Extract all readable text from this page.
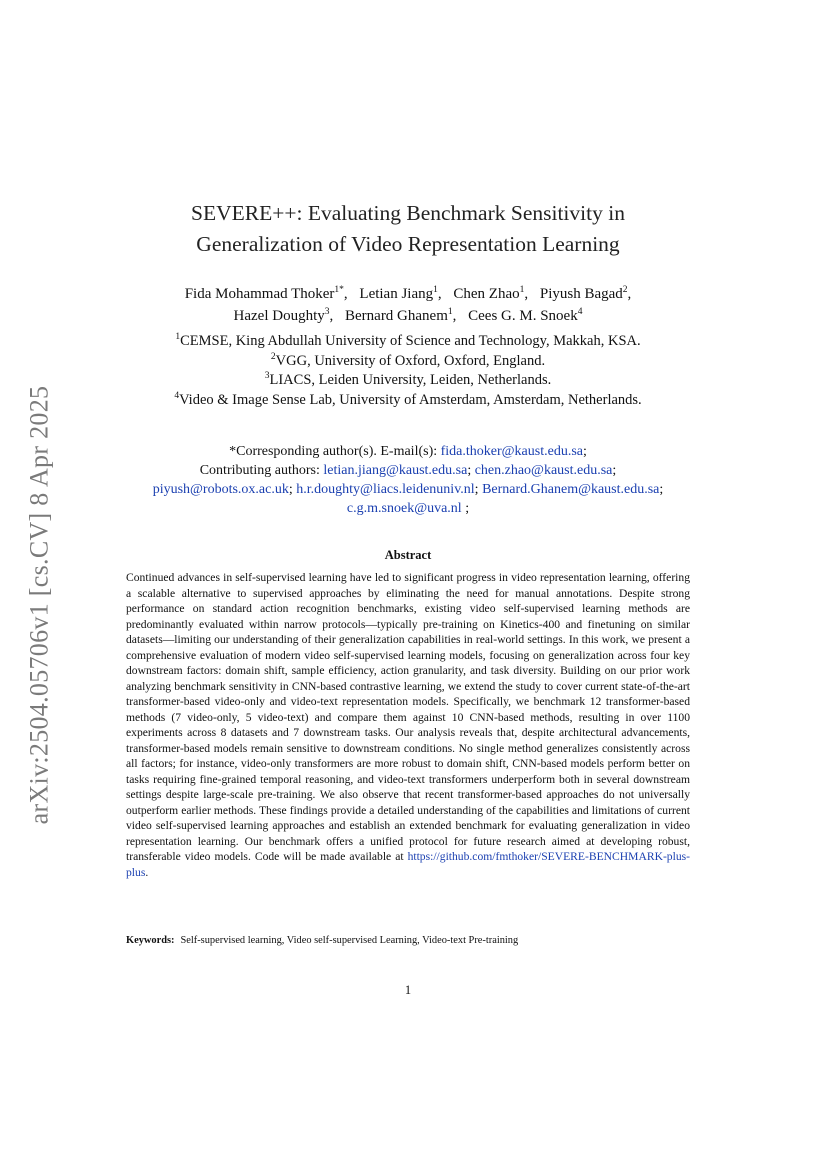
arXiv:2504.05706v1 [cs.CV] 8 Apr 2025
SEVERE++: Evaluating Benchmark Sensitivity in
Generalization of Video Representation Learning
Fida Mohammad Thoker$^{1*}$, Letian Jiang$^1$, Chen Zhao$^1$, Piyush Bagad$^2$,
Hazel Doughty$^3$, Bernard Ghanem$^1$, Cees G. M. Snoek$^4$
$^1$CEMSE, King Abdullah University of Science and Technology, Makkah, KSA.
$^2$VGG, University of Oxford, Oxford, England.
$^3$LIACS, Leiden University, Leiden, Netherlands.
$^4$Video & Image Sense Lab, University of Amsterdam, Amsterdam, Netherlands.
*Corresponding author(s). E-mail(s): fida.thoker@kaust.edu.sa;
Contributing authors: letian.jiang@kaust.edu.sa; chen.zhao@kaust.edu.sa;
piyush@robots.ox.ac.uk; h.r.doughty@liacs.leidenuniv.nl; Bernard.Ghanem@kaust.edu.sa;
c.g.m.snoek@uva.nl ;
Abstract
Continued advances in self-supervised learning have led to significant progress in video representation learning, offering a scalable alternative to supervised approaches by eliminating the need for manual annotations. Despite strong performance on standard action recognition benchmarks, existing video self-supervised learning methods are predominantly evaluated within narrow protocols—typically pre-training on Kinetics-400 and finetuning on similar datasets—limiting our understanding of their generalization capabilities in real-world settings. In this work, we present a comprehensive evaluation of modern video self-supervised learning models, focusing on generalization across four key downstream factors: domain shift, sample efficiency, action granularity, and task diversity. Building on our prior work analyzing benchmark sensitivity in CNN-based contrastive learning, we extend the study to cover current state-of-the-art transformer-based video-only and video-text representation models. Specifically, we benchmark 12 transformer-based methods (7 video-only, 5 video-text) and compare them against 10 CNN-based methods, resulting in over 1100 experiments across 8 datasets and 7 downstream tasks. Our analysis reveals that, despite architectural advancements, transformer-based models remain sensitive to downstream conditions. No single method generalizes consistently across all factors; for instance, video-only transformers are more robust to domain shift, CNN-based models perform better on tasks requiring fine-grained temporal reasoning, and video-text transformers underperform both in several downstream settings despite large-scale pre-training. We also observe that recent transformer-based approaches do not universally outperform earlier methods. These findings provide a detailed understanding of the capabilities and limitations of current video self-supervised learning approaches and establish an extended benchmark for evaluating generalization in video representation learning. Our benchmark offers a unified protocol for future research aimed at developing robust, transferable video models. Code will be made available at https://github.com/fmthoker/SEVERE-BENCHMARK-plus-plus.
Keywords: Self-supervised learning, Video self-supervised Learning, Video-text Pre-training
1
